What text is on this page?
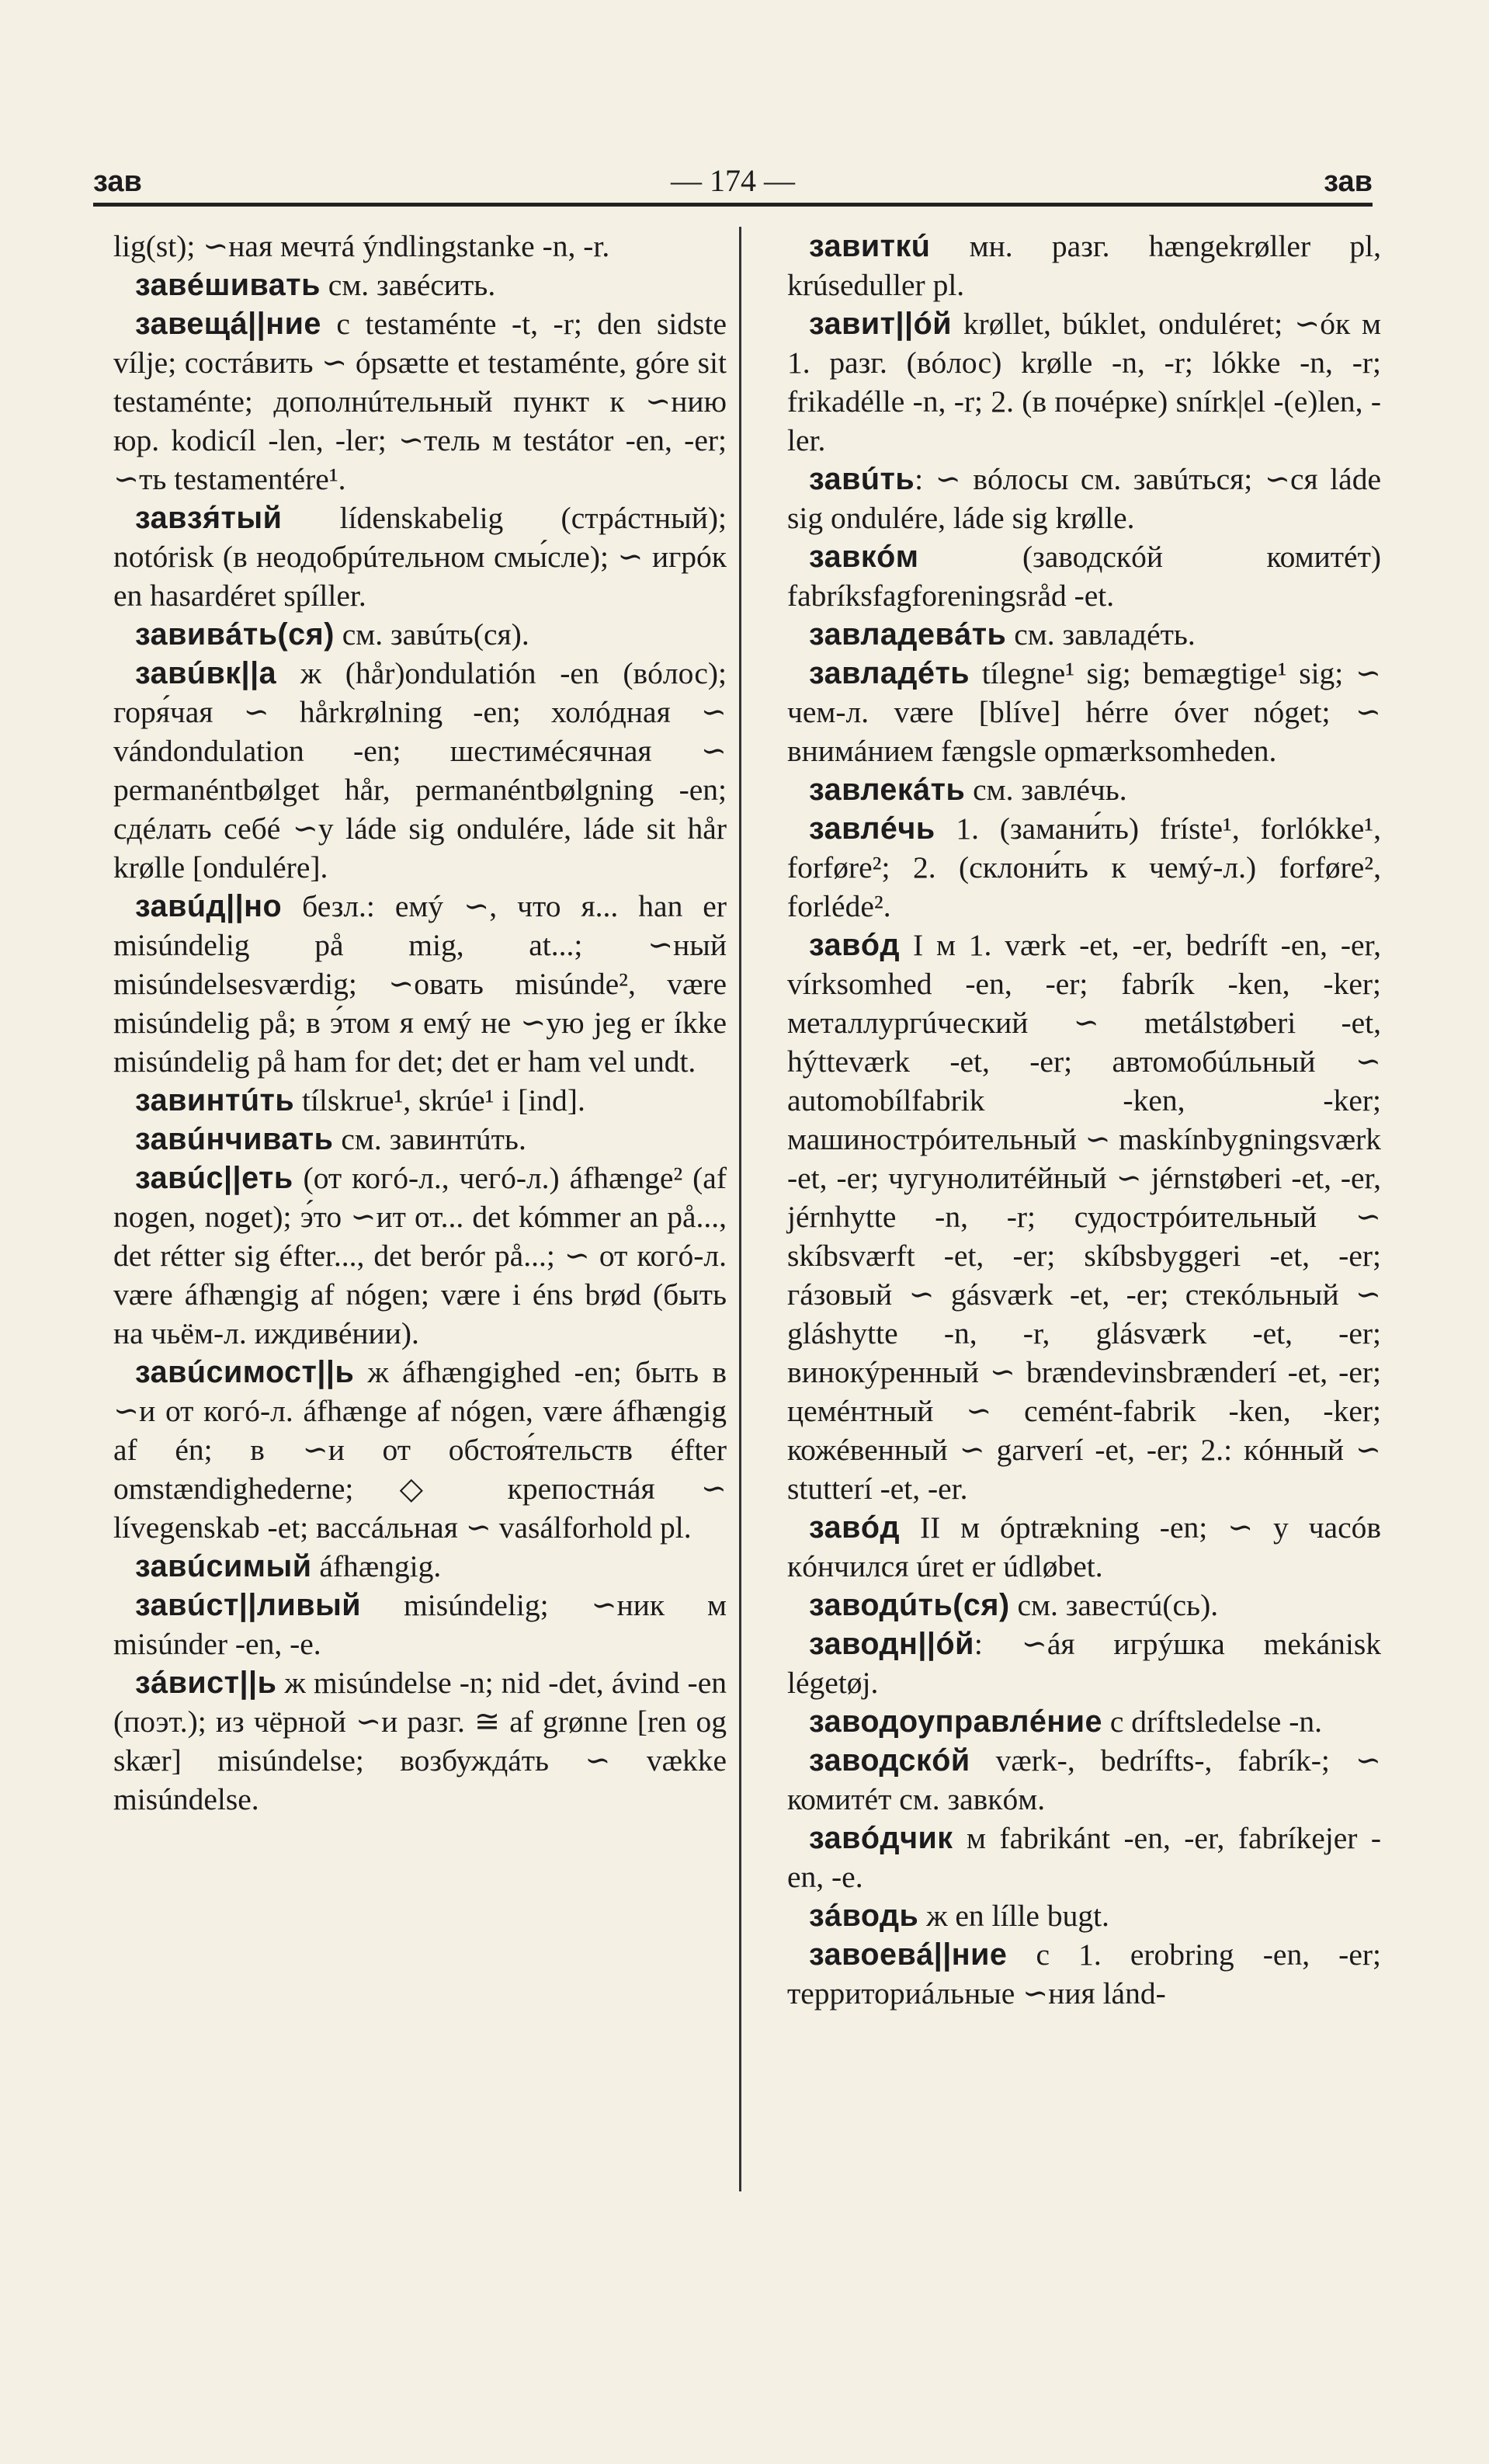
зав	— 174 —	зав

lig(st); ∽ная мечтá ýndlingstanke -n, -r.

завéшивать см. завéсить.

завещá||ние с testaménte -t, -r; den sidste vílje; состáвить ∽ ópsætte et testaménte, góre sit testaménte; дополнúтельный пункт к ∽нию юр. kodicíl -len, -ler; ∽тель м testátor -en, -er; ∽ть testamentére¹.

завзя́тый lídenskabelig (стрáстный); notórisk (в неодобрúтельном смы́сле); ∽ игрóк en hasardéret spíller.

завивáть(ся) см. завúть(ся).

завúвк||а ж (hår)ondulatión -en (вóлос); горя́чая ∽ hårkrølning -en; холóдная ∽ vándondulation -en; шестимéсячная ∽ permanéntbølget hår, permanéntbølgning -en; сдéлать себé ∽у láde sig ondulére, láde sit hår krølle [ondulére].

завúд||но безл.: емý ∽, что я... han er misúndelig på mig, at...; ∽ный misúndelsesværdig; ∽овать misúnde², være misúndelig på; в э́том я емý не ∽ую jeg er íkke misúndelig på ham for det; det er ham vel undt.

завинтúть tílskrue¹, skrúe¹ i [ind].

завúнчивать см. завинтúть.

завúс||еть (от когó-л., чегó-л.) áfhænge² (af nogen, noget); э́то ∽ит от... det kómmer an på..., det rétter sig éfter..., det berór på...; ∽ от когó-л. være áfhængig af nógen; være i éns brød (быть на чьём-л. иждивéнии).

завúсимост||ь ж áfhængighed -en; быть в ∽и от когó-л. áfhænge af nógen, være áfhængig af én; в ∽и от обстоя́тельств éfter omstændighederne; ◇ крепостнáя ∽ lívegenskab -et; вассáльная ∽ vasálforhold pl.

завúсимый áfhængig.

завúст||ливый misúndelig; ∽ник м misúnder -en, -e.

зáвист||ь ж misúndelse -n; nid -det, ávind -en (поэт.); из чёрной ∽и разг. ≅ af grønne [ren og skær] misúndelse; возбуждáть ∽ vække misúndelse.

завиткú мн. разг. hængekrøller pl, krúseduller pl.

завит||óй krøllet, búklet, onduléret; ∽óк м 1. разг. (вóлос) krølle -n, -r; lókke -n, -r; frikadélle -n, -r; 2. (в почéрке) snírk|el -(e)len, -ler.

завúть: ∽ вóлосы см. завúться; ∽ся láde sig ondulére, láde sig krølle.

завкóм (заводскóй комитéт) fabríksfagforeningsråd -et.

завладевáть см. завладéть.

завладéть tílegne¹ sig; bemægtige¹ sig; ∽ чем-л. være [blíve] hérre óver nóget; ∽ внимáнием fængsle opmærksomheden.

завлекáть см. завлéчь.

завлéчь 1. (замани́ть) fríste¹, forlókke¹, forføre²; 2. (склони́ть к чемý-л.) forføre², forléde².

завóд I м 1. værk -et, -er, bedríft -en, -er, vírksomhed -en, -er; fabrík -ken, -ker; металлургúческий ∽ metálstøberi -et, hýtteværk -et, -er; автомобúльный ∽ automobílfabrik -ken, -ker; машинострóительный ∽ maskínbygningsværk -et, -er; чугунолитéйный ∽ jérnstøberi -et, -er, jérnhytte -n, -r; судострóительный ∽ skíbsværft -et, -er; skíbsbyggeri -et, -er; гáзовый ∽ gásværk -et, -er; стекóльный ∽ gláshytte -n, -r, glásværk -et, -er; винокýренный ∽ brændevinsbrænderí -et, -er; цемéнтный ∽ cemént-fabrik -ken, -ker; кожéвенный ∽ garverí -et, -er; 2.: кóнный ∽ stutterí -et, -er.

завóд II м óptrækning -en; ∽ у часóв кóнчился úret er údløbet.

заводúть(ся) см. завестú(сь).

заводн||óй: ∽áя игрýшка mekánisk légetøj.

заводоуправлéние с dríftsledelse -n.

заводскóй værk-, bedrífts-, fabrík-; ∽ комитéт см. завкóм.

завóдчик м fabrikánt -en, -er, fabríkejer -en, -e.

зáводь ж en lílle bugt.

завоевá||ние с 1. erobring -en, -er; территориáльные ∽ния lánd-
